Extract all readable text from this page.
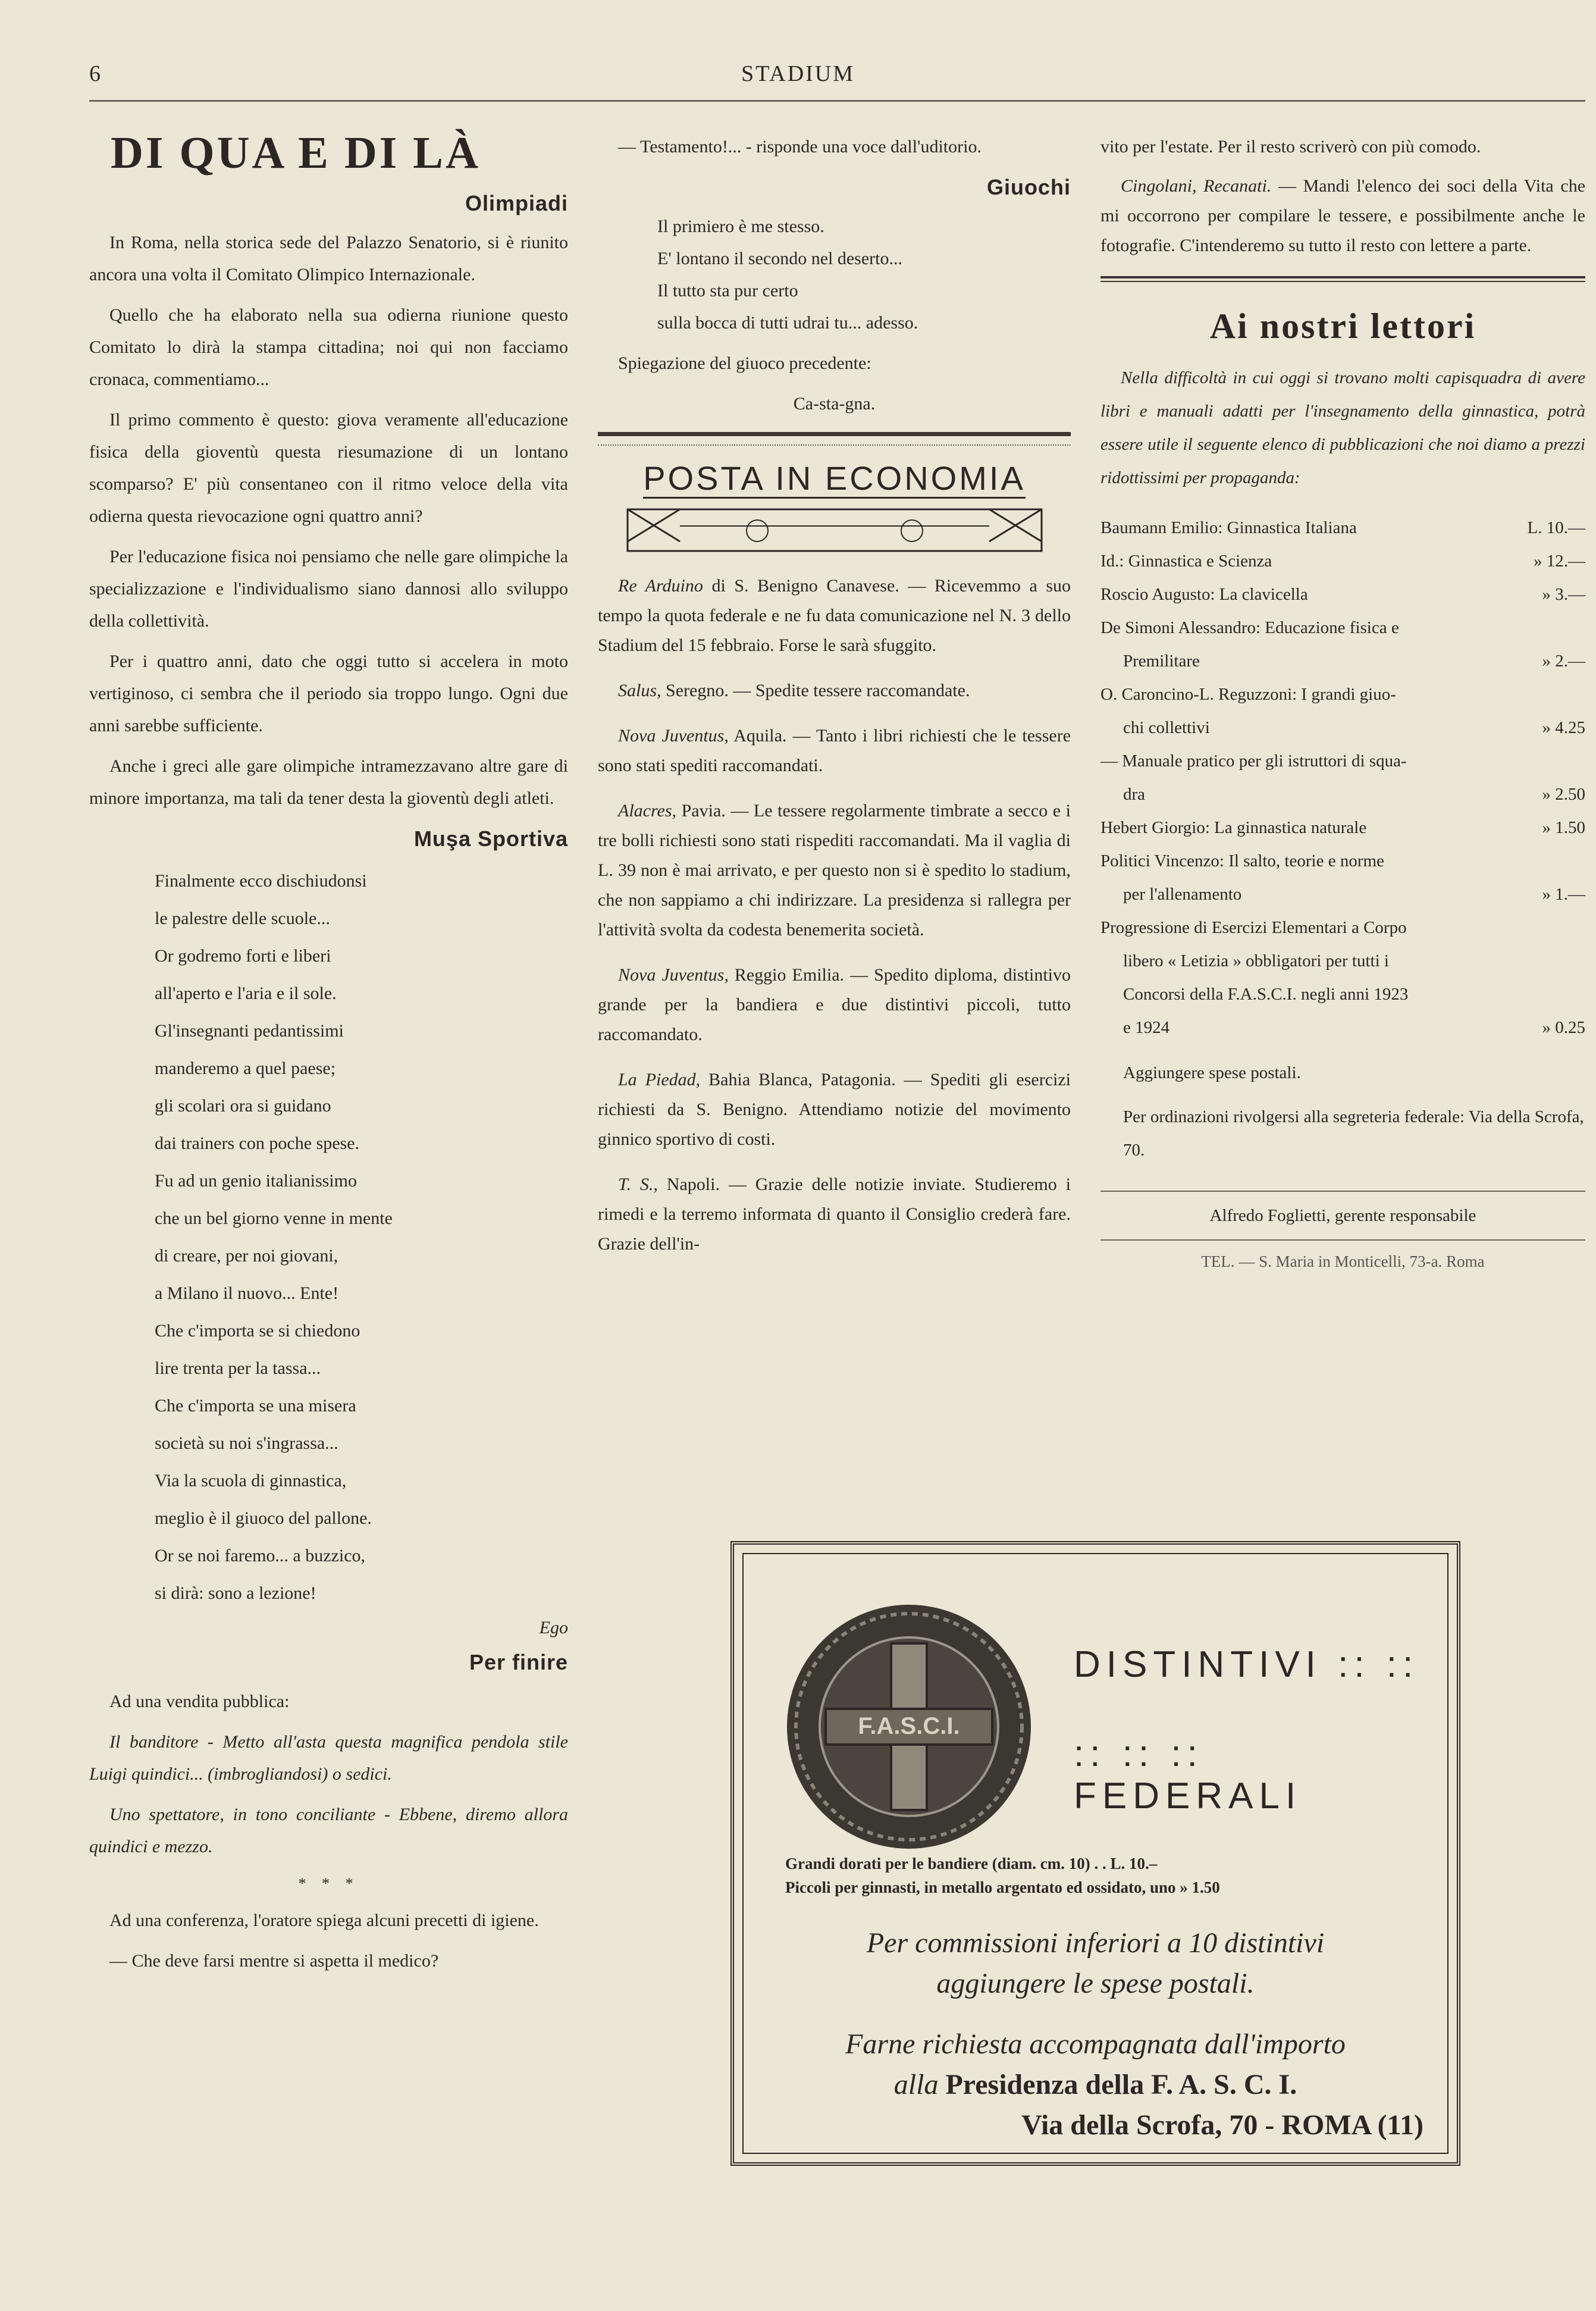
6	STADIUM
DI QUA E DI LÀ
Olimpiadi

In Roma, nella storica sede del Palazzo Senatorio, si è riunito ancora una volta il Comitato Olimpico Internazionale.

Quello che ha elaborato nella sua odierna riunione questo Comitato lo dirà la stampa cittadina; noi qui non facciamo cronaca, commentiamo...

Il primo commento è questo: giova veramente all'educazione fisica della gioventù questa riesumazione di un lontano scomparso? E' più consentaneo con il ritmo veloce della vita odierna questa rievocazione ogni quattro anni?

Per l'educazione fisica noi pensiamo che nelle gare olimpiche la specializzazione e l'individualismo siano dannosi allo sviluppo della collettività.

Per i quattro anni, dato che oggi tutto si accelera in moto vertiginoso, ci sembra che il periodo sia troppo lungo. Ogni due anni sarebbe sufficiente.

Anche i greci alle gare olimpiche intramezzavano altre gare di minore importanza, ma tali da tener desta la gioventù degli atleti.

Muşa Sportiva
Finalmente ecco dischiudonsi
le palestre delle scuole...
Or godremo forti e liberi
all'aperto e l'aria e il sole.
Gl'insegnanti pedantissimi
manderemo a quel paese;
gli scolari ora si guidano
dai trainers con poche spese.
Fu ad un genio italianissimo
che un bel giorno venne in mente
di creare, per noi giovani,
a Milano il nuovo... Ente!
Che c'importa se si chiedono
lire trenta per la tassa...
Che c'importa se una misera
società su noi s'ingrassa...
Via la scuola di ginnastica,
meglio è il giuoco del pallone.
Or se noi faremo... a buzzico,
si dirà: sono a lezione!
Ego
Per finire

Ad una vendita pubblica:

Il banditore - Metto all'asta questa magnifica pendola stile Luigi quindici... (imbrogliandosi) o sedici.

Uno spettatore, in tono conciliante - Ebbene, diremo allora quindici e mezzo.

* * *

Ad una conferenza, l'oratore spiega alcuni precetti di igiene.

— Che deve farsi mentre si aspetta il medico?

— Testamento!... - risponde una voce dall'uditorio.

Giuochi
Il primiero è me stesso.
E' lontano il secondo nel deserto...
Il tutto sta pur certo
sulla bocca di tutti udrai tu... adesso.

Spiegazione del giuoco precedente:

Ca-sta-gna.

POSTA IN ECONOMIA
Re Arduino di S. Benigno Canavese. — Ricevemmo a suo tempo la quota federale e ne fu data comunicazione nel N. 3 dello Stadium del 15 febbraio. Forse le sarà sfuggito.
Salus, Seregno. — Spedite tessere raccomandate.
Nova Juventus, Aquila. — Tanto i libri richiesti che le tessere sono stati spediti raccomandati.
Alacres, Pavia. — Le tessere regolarmente timbrate a secco e i tre bolli richiesti sono stati rispediti raccomandati. Ma il vaglia di L. 39 non è mai arrivato, e per questo non si è spedito lo stadium, che non sappiamo a chi indirizzare. La presidenza si rallegra per l'attività svolta da codesta benemerita società.
Nova Juventus, Reggio Emilia. — Spedito diploma, distintivo grande per la bandiera e due distintivi piccoli, tutto raccomandato.
La Piedad, Bahia Blanca, Patagonia. — Spediti gli esercizi richiesti da S. Benigno. Attendiamo notizie del movimento ginnico sportivo di costi.
T. S., Napoli. — Grazie delle notizie inviate. Studieremo i rimedi e la terremo informata di quanto il Consiglio crederà fare. Grazie dell'in-

vito per l'estate. Per il resto scriverò con più comodo.

Cingolani, Recanati. — Mandi l'elenco dei soci della Vita che mi occorrono per compilare le tessere, e possibilmente anche le fotografie. C'intenderemo su tutto il resto con lettere a parte.
Ai nostri lettori
Nella difficoltà in cui oggi si trovano molti capisquadra di avere libri e manuali adatti per l'insegnamento della ginnastica, potrà essere utile il seguente elenco di pubblicazioni che noi diamo a prezzi ridottissimi per propaganda:
Baumann Emilio: Ginnastica Italiana	L. 10.—
Id.: Ginnastica e Scienza	» 12.—
Roscio Augusto: La clavicella	» 3.—
De Simoni Alessandro: Educazione fisica e
Premilitare	» 2.—
O. Caroncino-L. Reguzzoni: I grandi giuo-
chi collettivi	» 4.25
— Manuale pratico per gli istruttori di squa-
dra	» 2.50
Hebert Giorgio: La ginnastica naturale	» 1.50
Politici Vincenzo: Il salto, teorie e norme
per l'allenamento	» 1.—
Progressione di Esercizi Elementari a Corpo
libero « Letizia » obbligatori per tutti i
Concorsi della F.A.S.C.I. negli anni 1923
e 1924	» 0.25
Aggiungere spese postali.
Per ordinazioni rivolgersi alla segreteria federale: Via della Scrofa, 70.
Alfredo Foglietti, gerente responsabile
TEL. — S. Maria in Monticelli, 73-a. Roma
F.A.S.C.I.
DISTINTIVI :: ::
:: :: :: FEDERALI
Grandi dorati per le bandiere (diam. cm. 10) . . L. 10.–
Piccoli per ginnasti, in metallo argentato ed ossidato, uno » 1.50
Per commissioni inferiori a 10 distintivi
aggiungere le spese postali.
Farne richiesta accompagnata dall'importo
alla Presidenza della F. A. S. C. I.
Via della Scrofa, 70 - ROMA (11)
